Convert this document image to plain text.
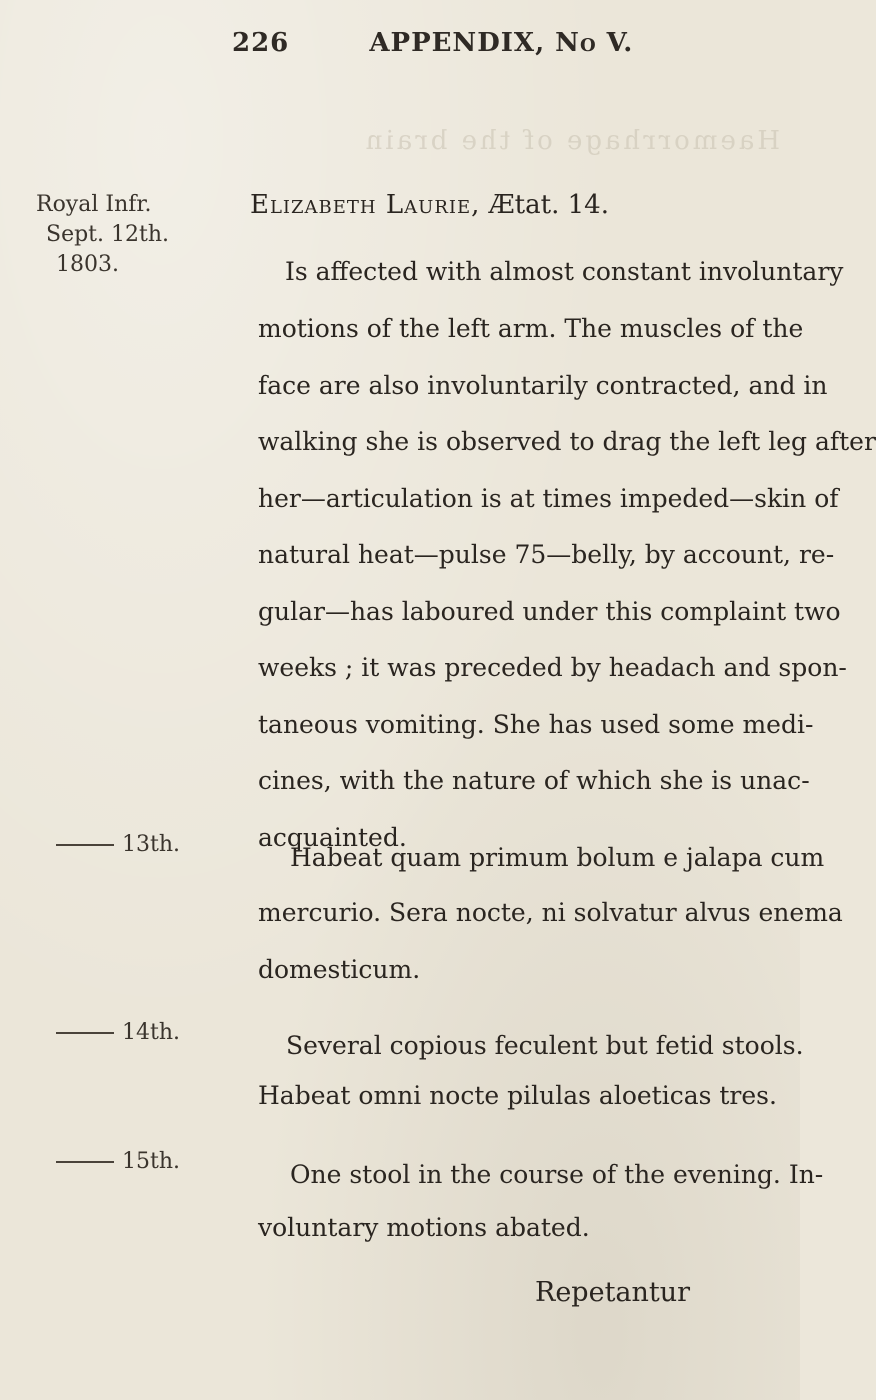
226	APPENDIX, No V.
Haemorrhage of the brain
Royal Infr.
Sept. 12th.
1803.
Elizabeth Laurie, Ætat. 14.
Is affected with almost constant involuntary
motions of the left arm. The muscles of the
face are also involuntarily contracted, and in
walking she is observed to drag the left leg after
her—articulation is at times impeded—skin of
natural heat—pulse 75—belly, by account, re-
gular—has laboured under this complaint two
weeks ; it was preceded by headach and spon-
taneous vomiting. She has used some medi-
cines, with the nature of which she is unac-
acquainted.
13th.	Habeat quam primum bolum e jalapa cum
mercurio. Sera nocte, ni solvatur alvus enema
domesticum.
14th.	Several copious feculent but fetid stools.
Habeat omni nocte pilulas aloeticas tres.
15th.	One stool in the course of the evening. In-
voluntary motions abated.
Repetantur
